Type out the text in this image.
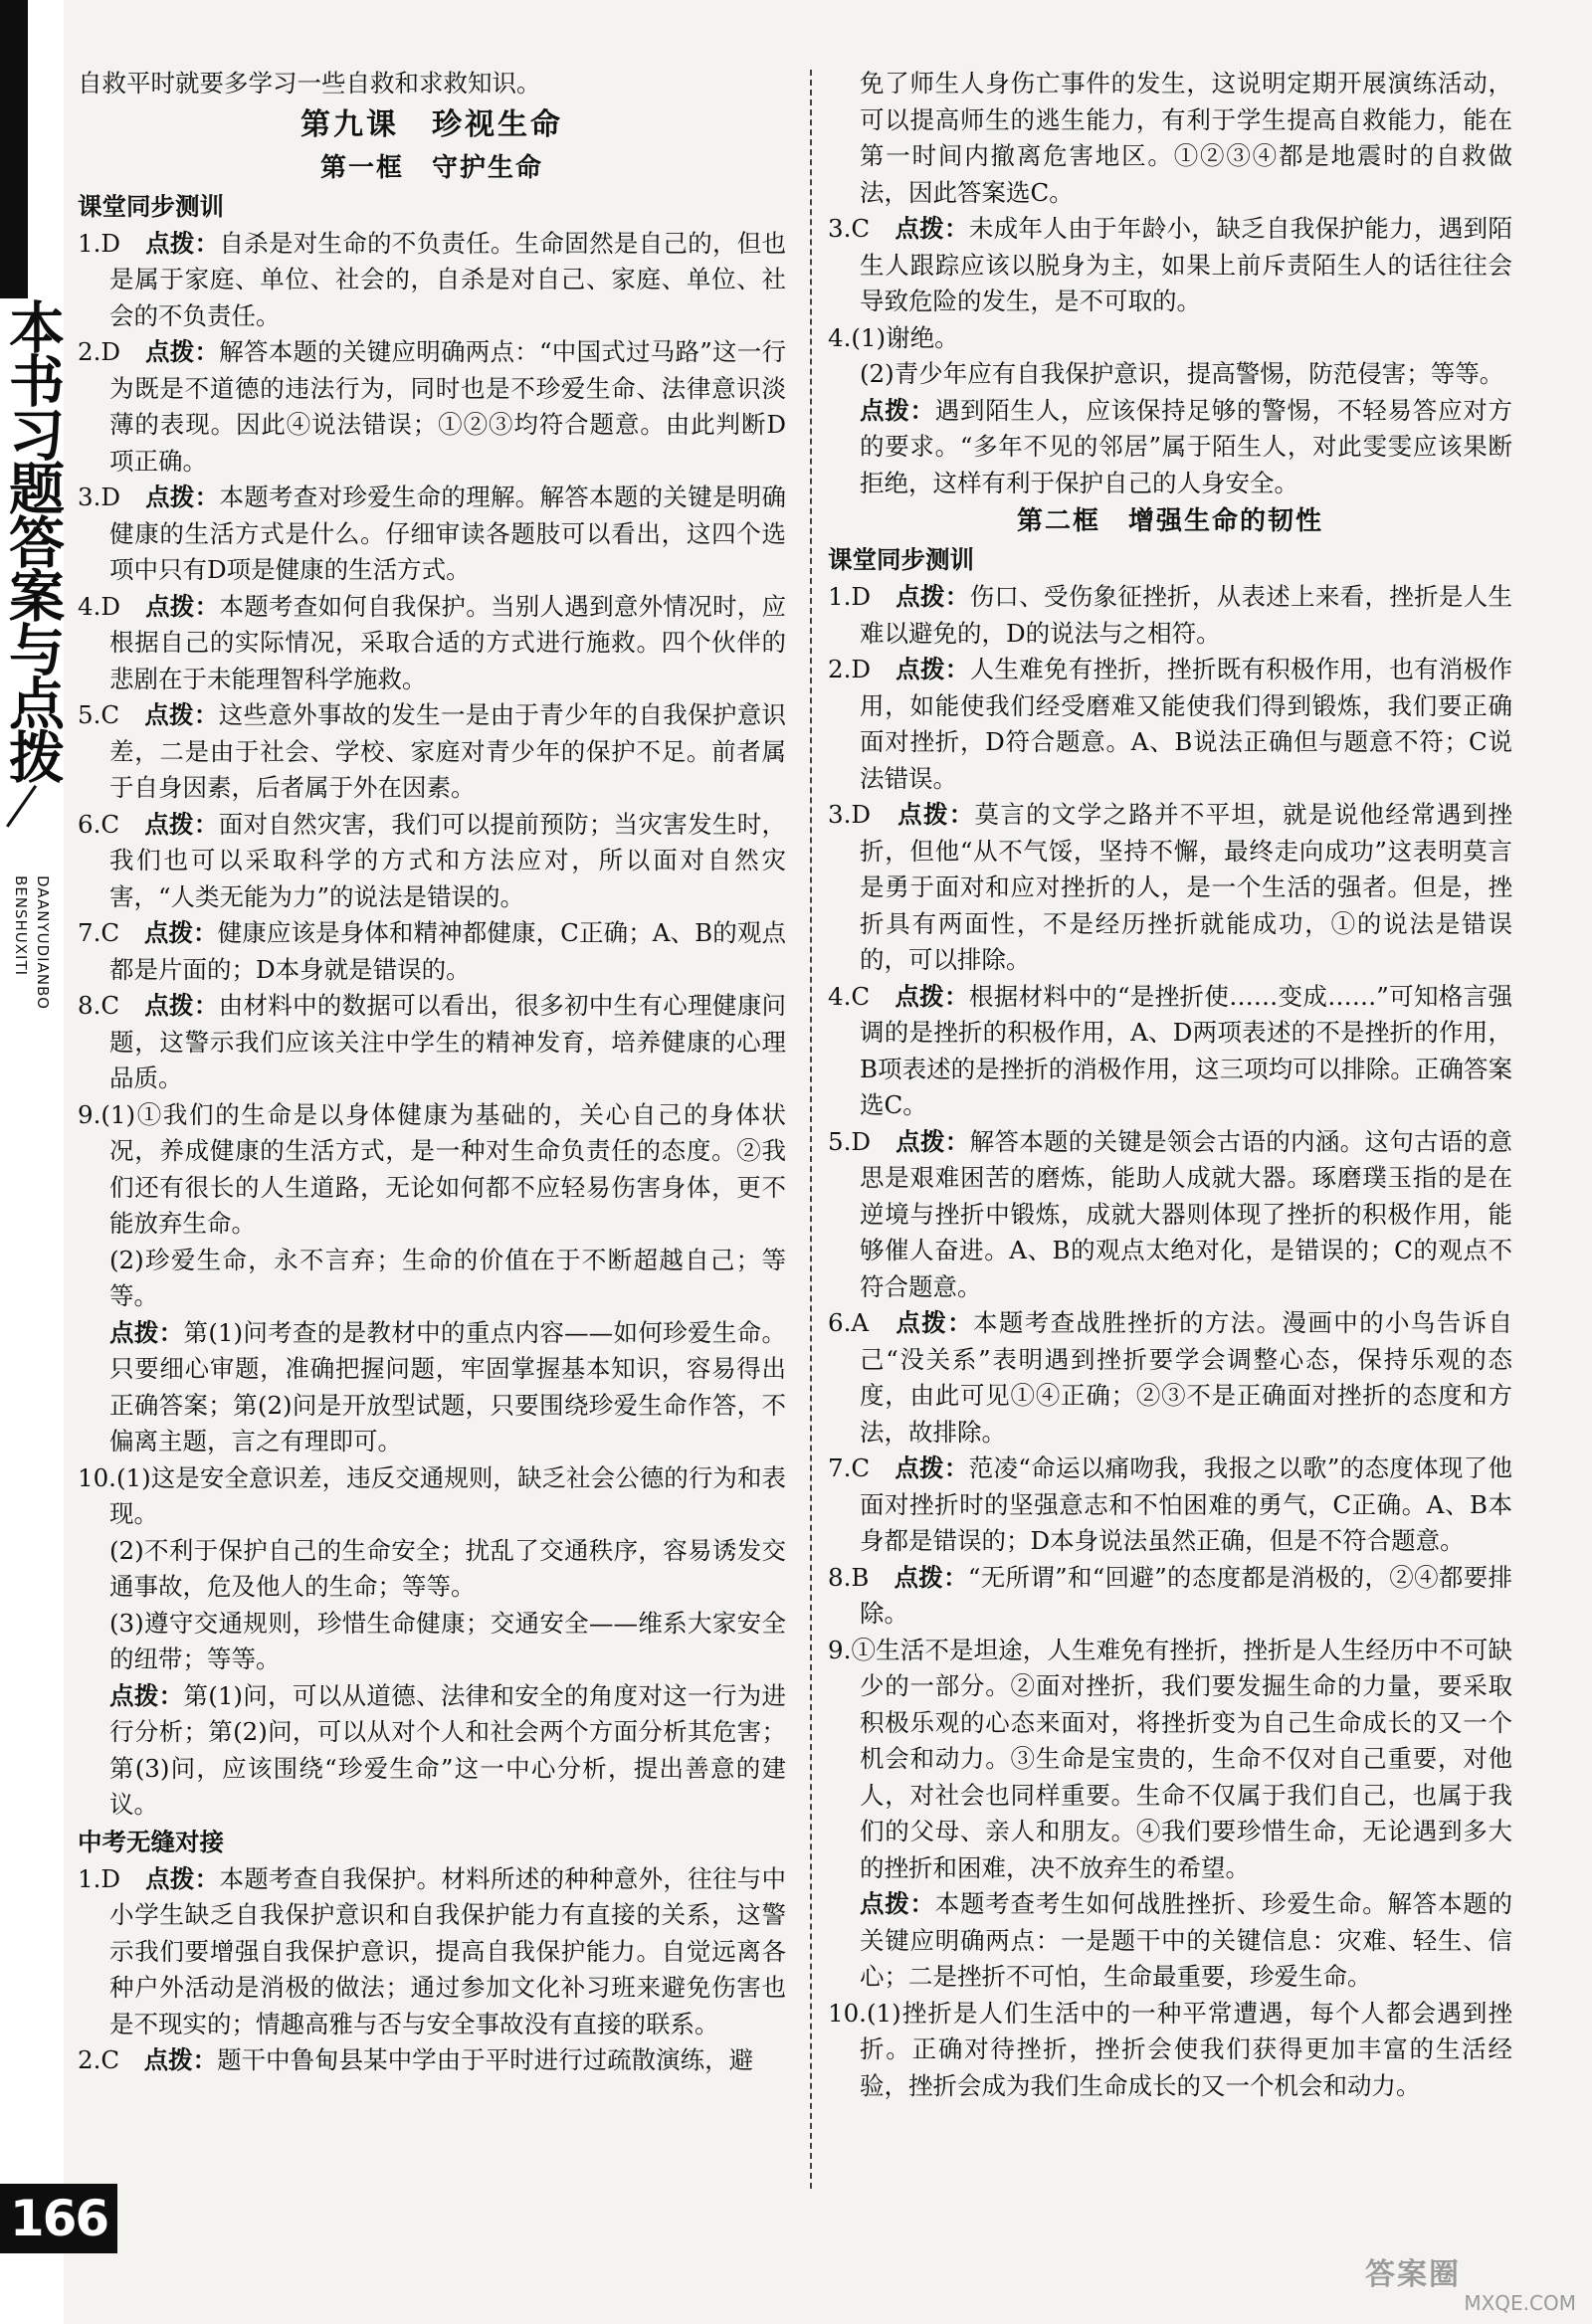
本书习题答案与点拨
BENSHUXITI DAANYUDIANBO

自救平时就要多学习一些自救和求救知识。

第九课　珍视生命
第一框　守护生命

课堂同步测训

1.D　 点拨：自杀是对生命的不负责任。生命固然是自己的，但也是属于家庭、单位、社会的，自杀是对自己、家庭、单位、社会的不负责任。

2.D　 点拨：解答本题的关键应明确两点：“中国式过马路”这一行为既是不道德的违法行为，同时也是不珍爱生命、法律意识淡薄的表现。因此④说法错误；①②③均符合题意。由此判断D项正确。

3.D　 点拨：本题考查对珍爱生命的理解。解答本题的关键是明确健康的生活方式是什么。仔细审读各题肢可以看出，这四个选项中只有D项是健康的生活方式。

4.D　 点拨：本题考查如何自我保护。当别人遇到意外情况时，应根据自己的实际情况，采取合适的方式进行施救。四个伙伴的悲剧在于未能理智科学施救。

5.C　 点拨：这些意外事故的发生一是由于青少年的自我保护意识差，二是由于社会、学校、家庭对青少年的保护不足。前者属于自身因素，后者属于外在因素。

6.C　 点拨：面对自然灾害，我们可以提前预防；当灾害发生时，我们也可以采取科学的方式和方法应对，所以面对自然灾害，“人类无能为力”的说法是错误的。

7.C　 点拨：健康应该是身体和精神都健康，C正确；A、B的观点都是片面的；D本身就是错误的。

8.C　 点拨：由材料中的数据可以看出，很多初中生有心理健康问题，这警示我们应该关注中学生的精神发育，培养健康的心理品质。

9.(1)①我们的生命是以身体健康为基础的，关心自己的身体状况，养成健康的生活方式，是一种对生命负责任的态度。②我们还有很长的人生道路，无论如何都不应轻易伤害身体，更不能放弃生命。

(2)珍爱生命，永不言弃；生命的价值在于不断超越自己；等等。

点拨：第(1)问考查的是教材中的重点内容——如何珍爱生命。只要细心审题，准确把握问题，牢固掌握基本知识，容易得出正确答案；第(2)问是开放型试题，只要围绕珍爱生命作答，不偏离主题，言之有理即可。

10.(1)这是安全意识差，违反交通规则，缺乏社会公德的行为和表现。

(2)不利于保护自己的生命安全；扰乱了交通秩序，容易诱发交通事故，危及他人的生命；等等。

(3)遵守交通规则，珍惜生命健康；交通安全——维系大家安全的纽带；等等。

点拨：第(1)问，可以从道德、法律和安全的角度对这一行为进行分析；第(2)问，可以从对个人和社会两个方面分析其危害；第(3)问，应该围绕“珍爱生命”这一中心分析，提出善意的建议。

中考无缝对接

1.D　 点拨：本题考查自我保护。材料所述的种种意外，往往与中小学生缺乏自我保护意识和自我保护能力有直接的关系，这警示我们要增强自我保护意识，提高自我保护能力。自觉远离各种户外活动是消极的做法；通过参加文化补习班来避免伤害也是不现实的；情趣高雅与否与安全事故没有直接的联系。

2.C　 点拨：题干中鲁甸县某中学由于平时进行过疏散演练，避

免了师生人身伤亡事件的发生，这说明定期开展演练活动，可以提高师生的逃生能力，有利于学生提高自救能力，能在第一时间内撤离危害地区。①②③④都是地震时的自救做法，因此答案选C。

3.C　 点拨：未成年人由于年龄小，缺乏自我保护能力，遇到陌生人跟踪应该以脱身为主，如果上前斥责陌生人的话往往会导致危险的发生，是不可取的。

4.(1)谢绝。

(2)青少年应有自我保护意识，提高警惕，防范侵害；等等。

点拨：遇到陌生人，应该保持足够的警惕，不轻易答应对方的要求。“多年不见的邻居”属于陌生人，对此雯雯应该果断拒绝，这样有利于保护自己的人身安全。

第二框　增强生命的韧性

课堂同步测训

1.D　 点拨：伤口、受伤象征挫折，从表述上来看，挫折是人生难以避免的，D的说法与之相符。

2.D　 点拨：人生难免有挫折，挫折既有积极作用，也有消极作用，如能使我们经受磨难又能使我们得到锻炼，我们要正确面对挫折，D符合题意。A、B说法正确但与题意不符；C说法错误。

3.D　 点拨：莫言的文学之路并不平坦，就是说他经常遇到挫折，但他“从不气馁，坚持不懈，最终走向成功”这表明莫言是勇于面对和应对挫折的人，是一个生活的强者。但是，挫折具有两面性，不是经历挫折就能成功，①的说法是错误的，可以排除。

4.C　 点拨：根据材料中的“是挫折使……变成……”可知格言强调的是挫折的积极作用，A、D两项表述的不是挫折的作用，B项表述的是挫折的消极作用，这三项均可以排除。正确答案选C。

5.D　 点拨：解答本题的关键是领会古语的内涵。这句古语的意思是艰难困苦的磨炼，能助人成就大器。琢磨璞玉指的是在逆境与挫折中锻炼，成就大器则体现了挫折的积极作用，能够催人奋进。A、B的观点太绝对化，是错误的；C的观点不符合题意。

6.A　 点拨：本题考查战胜挫折的方法。漫画中的小鸟告诉自己“没关系”表明遇到挫折要学会调整心态，保持乐观的态度，由此可见①④正确；②③不是正确面对挫折的态度和方法，故排除。

7.C　 点拨：范凌“命运以痛吻我，我报之以歌”的态度体现了他面对挫折时的坚强意志和不怕困难的勇气，C正确。A、B本身都是错误的；D本身说法虽然正确，但是不符合题意。

8.B　 点拨：“无所谓”和“回避”的态度都是消极的，②④都要排除。

9.①生活不是坦途，人生难免有挫折，挫折是人生经历中不可缺少的一部分。②面对挫折，我们要发掘生命的力量，要采取积极乐观的心态来面对，将挫折变为自己生命成长的又一个机会和动力。③生命是宝贵的，生命不仅对自己重要，对他人，对社会也同样重要。生命不仅属于我们自己，也属于我们的父母、亲人和朋友。④我们要珍惜生命，无论遇到多大的挫折和困难，决不放弃生的希望。

点拨：本题考查考生如何战胜挫折、珍爱生命。解答本题的关键应明确两点：一是题干中的关键信息：灾难、轻生、信心；二是挫折不可怕，生命最重要，珍爱生命。

10.(1)挫折是人们生活中的一种平常遭遇，每个人都会遇到挫折。正确对待挫折，挫折会使我们获得更加丰富的生活经验，挫折会成为我们生命成长的又一个机会和动力。

166
答案圈
MXQE.COM
